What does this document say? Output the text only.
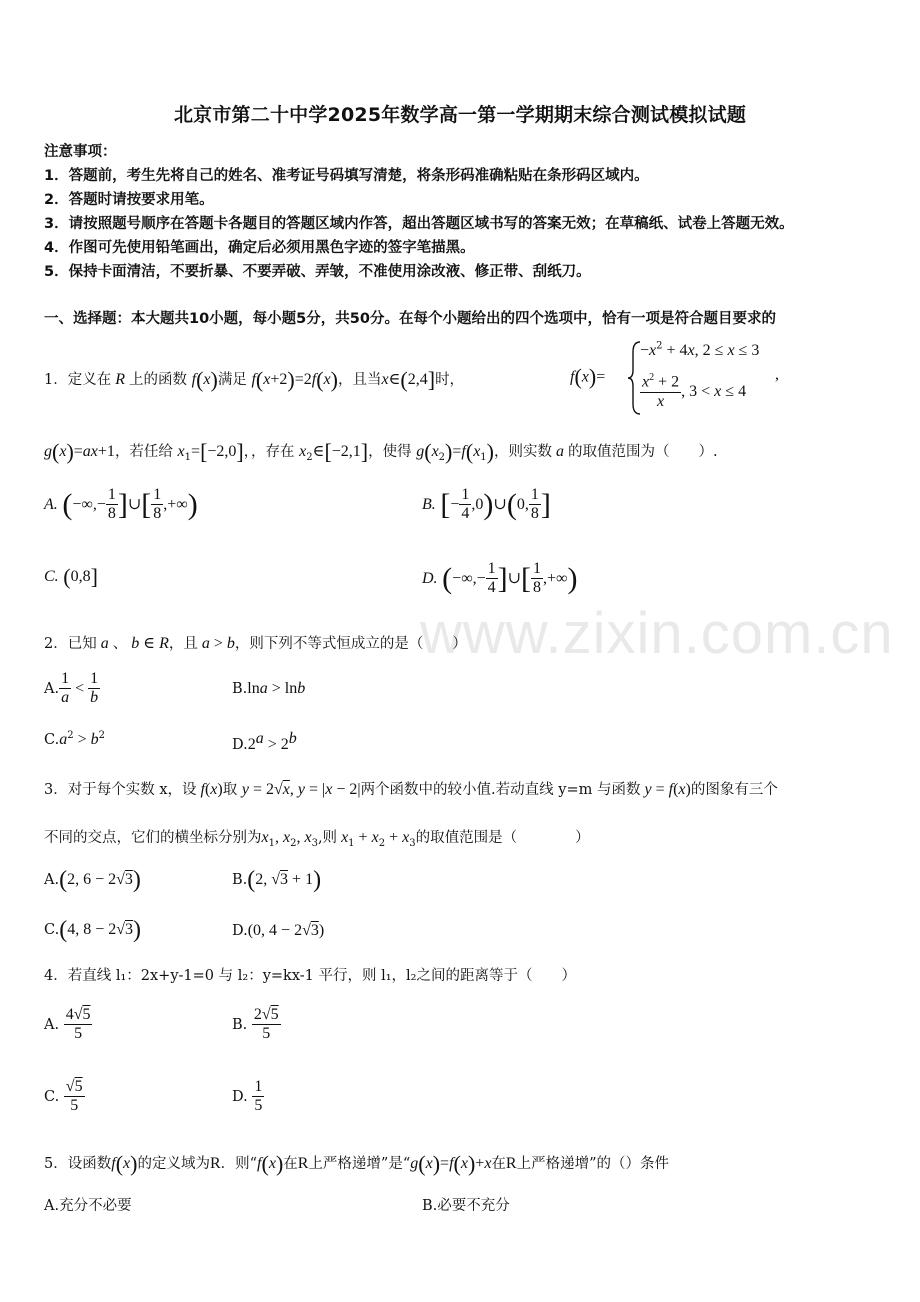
www.zixin.com.cn
北京市第二十中学2025年数学高一第一学期期末综合测试模拟试题
注意事项：
1．答题前，考生先将自己的姓名、准考证号码填写清楚，将条形码准确粘贴在条形码区域内。
2．答题时请按要求用笔。
3．请按照题号顺序在答题卡各题目的答题区域内作答，超出答题区域书写的答案无效；在草稿纸、试卷上答题无效。
4．作图可先使用铅笔画出，确定后必须用黑色字迹的签字笔描黑。
5．保持卡面清洁，不要折暴、不要弄破、弄皱，不准使用涂改液、修正带、刮纸刀。
一、选择题：本大题共10小题，每小题5分，共50分。在每个小题给出的四个选项中，恰有一项是符合题目要求的
1．定义在 R 上的函数 f(x)满足 f(x+2)=2f(x)，且当x∈(2,4]时，	f(x)=
$-x^2 + 4x$, 2 ≤ x ≤ 3
$\frac{x^2 + 2}{x}$ , 3 < x ≤ 4
,
g(x)=ax+1，若任给 $x_1=[-2,0]$，，存在 $x_2\in[-2,1]$，使得 $g(x_2)=f(x_1)$，则实数 a 的取值范围为（　　）.
A. (−∞,− $\frac{1}{8}$ ]∪[ $\frac{1}{8}$ ,+∞)	B. [− $\frac{1}{4}$ ,0)∪(0, $\frac{1}{8}$ ]
C. (0,8]	D. (−∞,− $\frac{1}{4}$ ]∪[ $\frac{1}{8}$ ,+∞)
2．已知 a 、 b ∈ R，且 a > b，则下列不等式恒成立的是（　　）
A. $\frac{1}{a} < \frac{1}{b}$	B.lna > lnb
$C.a^2 > b^2$
$D.2^a > 2^b$
3．对于每个实数 x，设 f(x)取 y = 2√x, y = |x − 2|两个函数中的较小值.若动直线 y=m 与函数 y = f(x)的图象有三个
不同的交点，它们的横坐标分别为$x_1$, $x_2$, $x_3$,则 $x_1 + x_2 + x_3$的取值范围是（　　　　）
A.(2, 6 − 2√3)	B.(2, √3 + 1)
C.(4, 8 − 2√3)	D.(0, 4 − 2√3)
4．若直线 l₁：2x+y-1=0 与 l₂：y=kx-1 平行，则 l₁，l₂之间的距离等于（　　）
A. $\frac{4√5}{5}$	B. $\frac{2√5}{5}$
C. $\frac{√5}{5}$	D. $\frac{1}{5}$
5．设函数f(x)的定义域为R．则“f(x)在R上严格递增”是“g(x)=f(x)+x在R上严格递增”的（）条件
A.充分不必要	B.必要不充分
